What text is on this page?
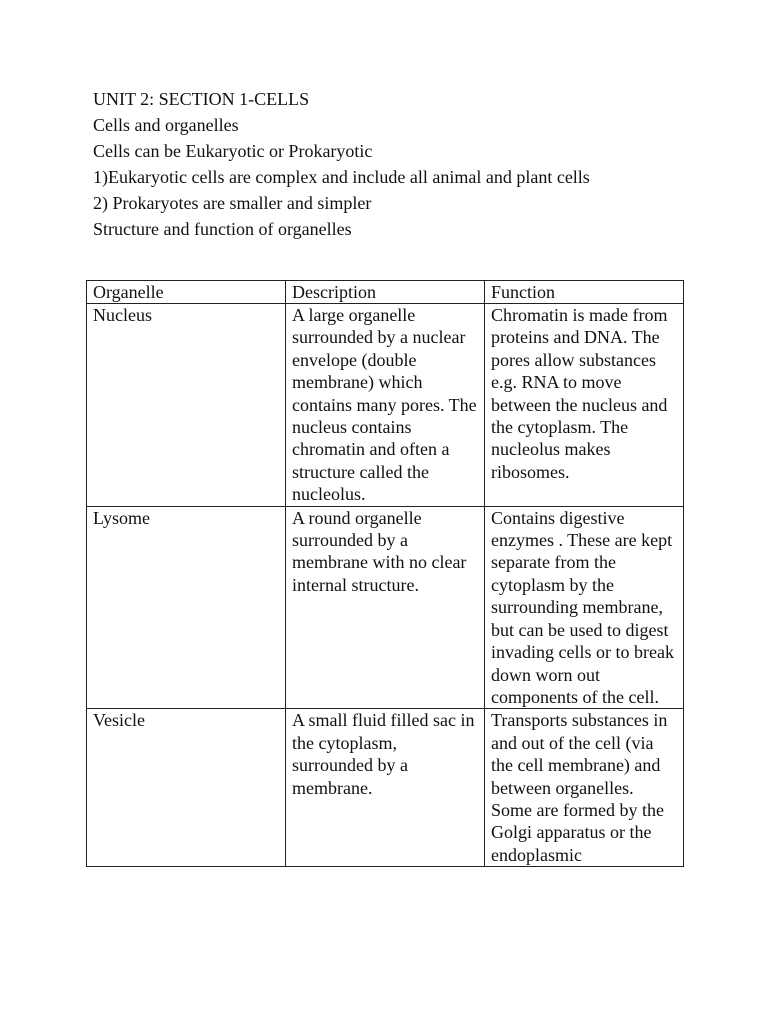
UNIT 2: SECTION 1-CELLS
Cells and organelles
Cells can be Eukaryotic or Prokaryotic
1)Eukaryotic cells are complex and include all animal and plant cells
2) Prokaryotes are smaller and simpler
Structure and function of organelles
Organelle	Description	Function

Nucleus	A large organelle surrounded by a nuclear envelope (double membrane) which contains many pores. The nucleus contains chromatin and often a structure called the nucleolus.	Chromatin is made from proteins and DNA. The pores allow substances e.g. RNA to move between the nucleus and the cytoplasm. The nucleolus makes ribosomes.

Lysome	A round organelle surrounded by a membrane with no clear internal structure.	Contains digestive enzymes . These are kept separate from the cytoplasm by the surrounding membrane, but can be used to digest invading cells or to break down worn out components of the cell.

Vesicle	A small fluid filled sac in the cytoplasm, surrounded by a membrane.	Transports substances in and out of the cell (via the cell membrane) and between organelles. Some are formed by the Golgi apparatus or the endoplasmic
